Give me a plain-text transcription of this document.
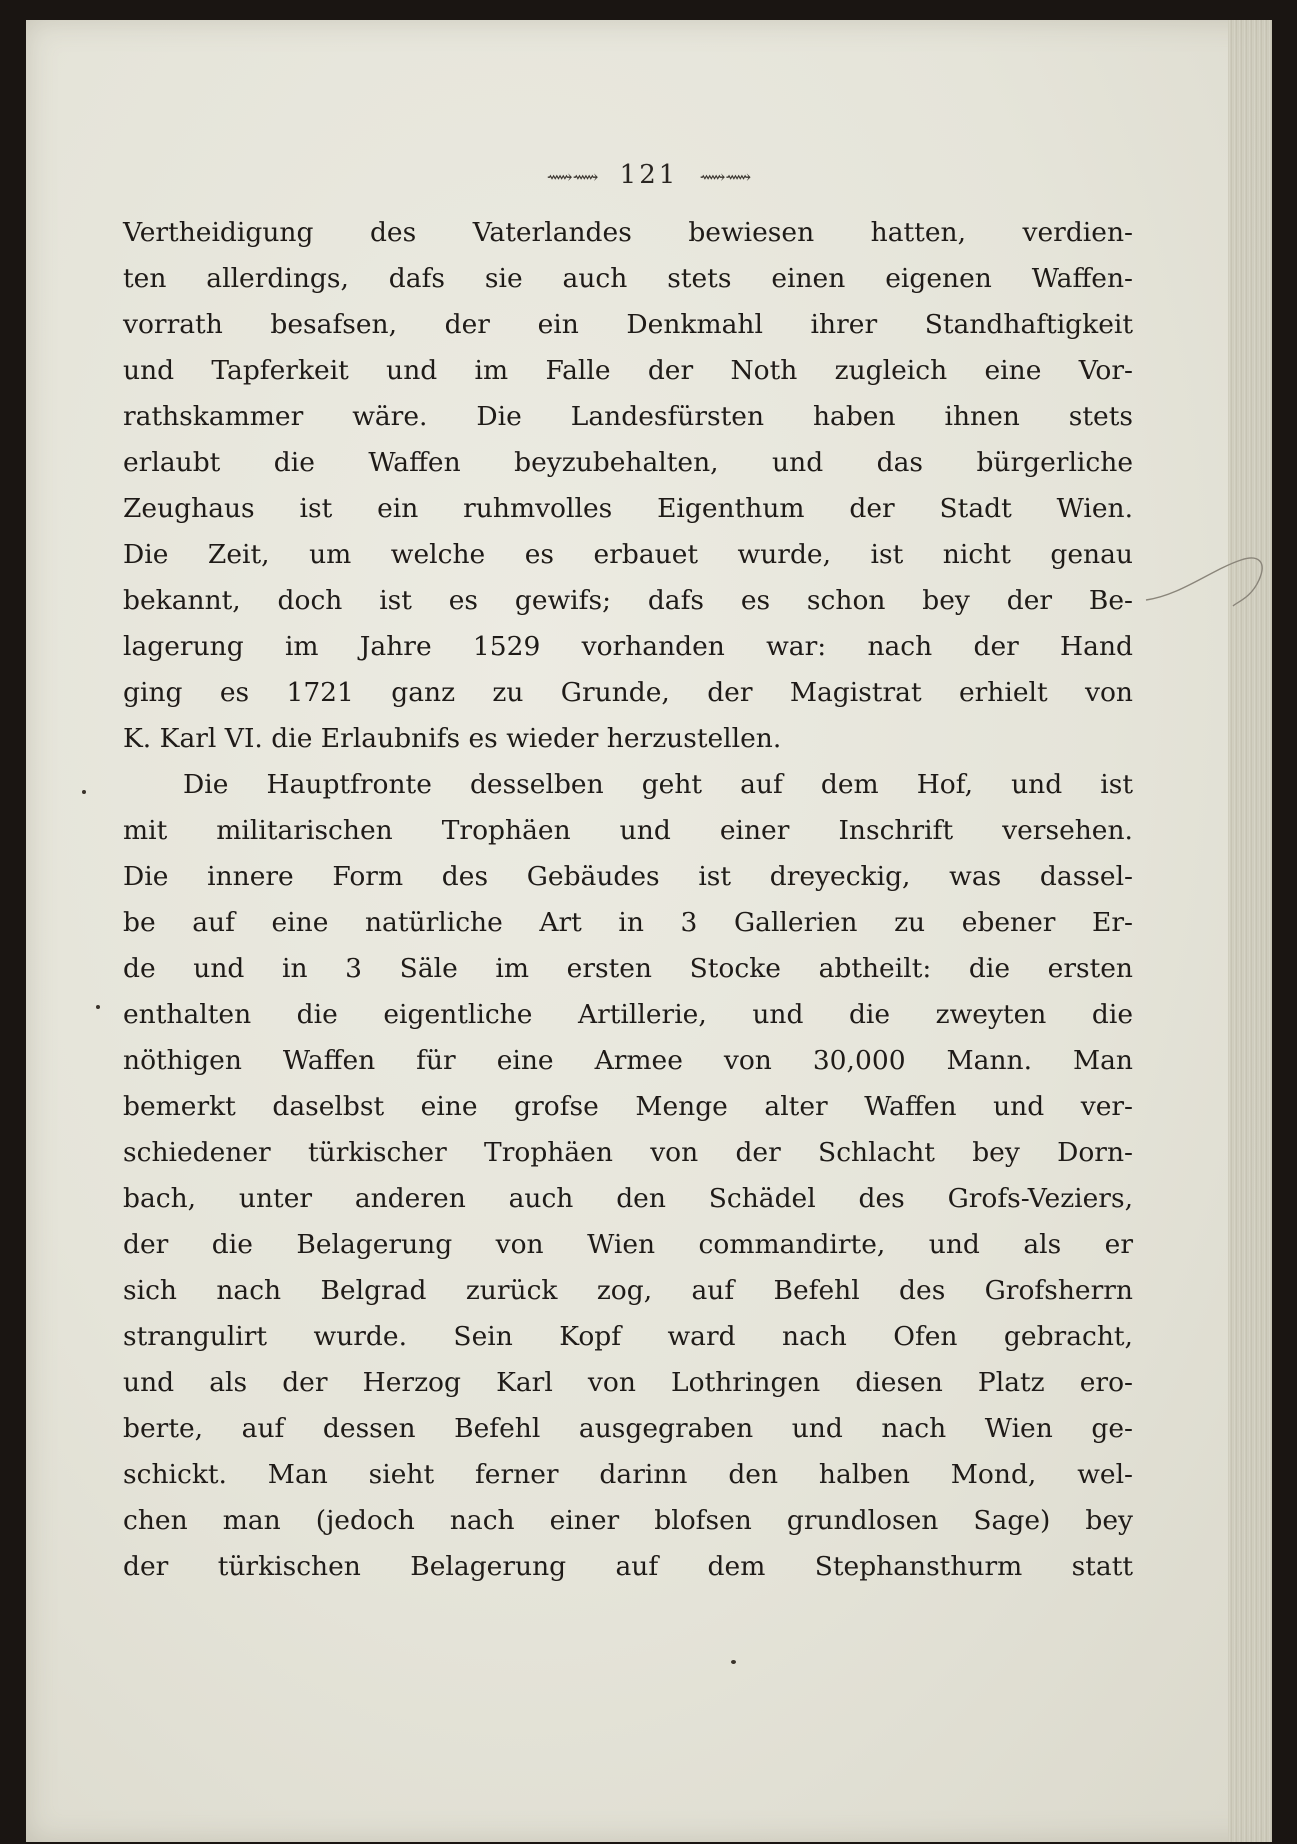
⟿⟿ 121 ⟿⟿
Vertheidigung des Vaterlandes bewiesen hatten, verdien-
ten allerdings, dafs sie auch stets einen eigenen Waffen-
vorrath besafsen, der ein Denkmahl ihrer Standhaftigkeit
und Tapferkeit und im Falle der Noth zugleich eine Vor-
rathskammer wäre. Die Landesfürsten haben ihnen stets
erlaubt die Waffen beyzubehalten, und das bürgerliche
Zeughaus ist ein ruhmvolles Eigenthum der Stadt Wien.
Die Zeit, um welche es erbauet wurde, ist nicht genau
bekannt, doch ist es gewifs; dafs es schon bey der Be-
lagerung im Jahre 1529 vorhanden war: nach der Hand
ging es 1721 ganz zu Grunde, der Magistrat erhielt von
K. Karl VI. die Erlaubnifs es wieder herzustellen.
Die Hauptfronte desselben geht auf dem Hof, und ist
mit militarischen Trophäen und einer Inschrift versehen.
Die innere Form des Gebäudes ist dreyeckig, was dassel-
be auf eine natürliche Art in 3 Gallerien zu ebener Er-
de und in 3 Säle im ersten Stocke abtheilt: die ersten
enthalten die eigentliche Artillerie, und die zweyten die
nöthigen Waffen für eine Armee von 30,000 Mann. Man
bemerkt daselbst eine grofse Menge alter Waffen und ver-
schiedener türkischer Trophäen von der Schlacht bey Dorn-
bach, unter anderen auch den Schädel des Grofs-Veziers,
der die Belagerung von Wien commandirte, und als er
sich nach Belgrad zurück zog, auf Befehl des Grofsherrn
strangulirt wurde. Sein Kopf ward nach Ofen gebracht,
und als der Herzog Karl von Lothringen diesen Platz ero-
berte, auf dessen Befehl ausgegraben und nach Wien ge-
schickt. Man sieht ferner darinn den halben Mond, wel-
chen man (jedoch nach einer blofsen grundlosen Sage) bey
der türkischen Belagerung auf dem Stephansthurm statt
